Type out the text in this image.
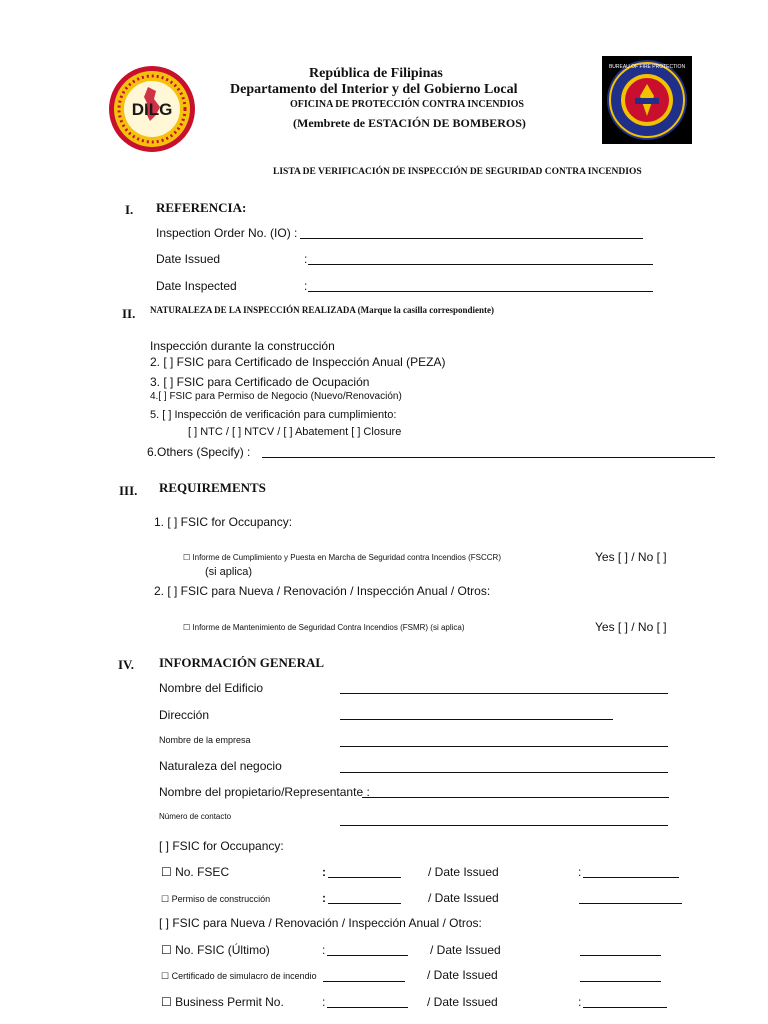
DILG
República de Filipinas
Departamento del Interior y del Gobierno Local
OFICINA DE PROTECCIÓN CONTRA INCENDIOS
(Membrete de ESTACIÓN DE BOMBEROS)
BUREAU OF FIRE PROTECTION
LISTA DE VERIFICACIÓN DE INSPECCIÓN DE SEGURIDAD CONTRA INCENDIOS
I. REFERENCIA:
Inspection Order No. (IO) :
Date Issued	:
Date Inspected	:
II. NATURALEZA DE LA INSPECCIÓN REALIZADA (Marque la casilla correspondiente)
Inspección durante la construcción
2. [ ] FSIC para Certificado de Inspección Anual (PEZA)
3. [ ] FSIC para Certificado de Ocupación
4.[ ] FSIC para Permiso de Negocio (Nuevo/Renovación)
5. [ ] Inspección de verificación para cumplimiento:
[ ] NTC / [ ] NTCV / [ ] Abatement [ ] Closure
6.Others (Specify) :
III. REQUIREMENTS
1. [ ] FSIC for Occupancy:
☐ Informe de Cumplimiento y Puesta en Marcha de Seguridad contra Incendios (FSCCR)	Yes [ ] / No [ ]
(si aplica)
2. [ ] FSIC para Nueva / Renovación / Inspección Anual / Otros:
☐ Informe de Mantenimiento de Seguridad Contra Incendios (FSMR) (si aplica)	Yes [ ] / No [ ]
IV. INFORMACIÓN GENERAL
Nombre del Edificio
Dirección
Nombre de la empresa
Naturaleza del negocio
Nombre del propietario/Representante :
Número de contacto
[ ] FSIC for Occupancy:
☐ No. FSEC	:	/ Date Issued	:
☐ Permiso de construcción	:	/ Date Issued
[ ] FSIC para Nueva / Renovación / Inspección Anual / Otros:
☐ No. FSIC (Último)	:	/ Date Issued
☐ Certificado de simulacro de incendio	/ Date Issued
☐ Business Permit No.	:	/ Date Issued	:
